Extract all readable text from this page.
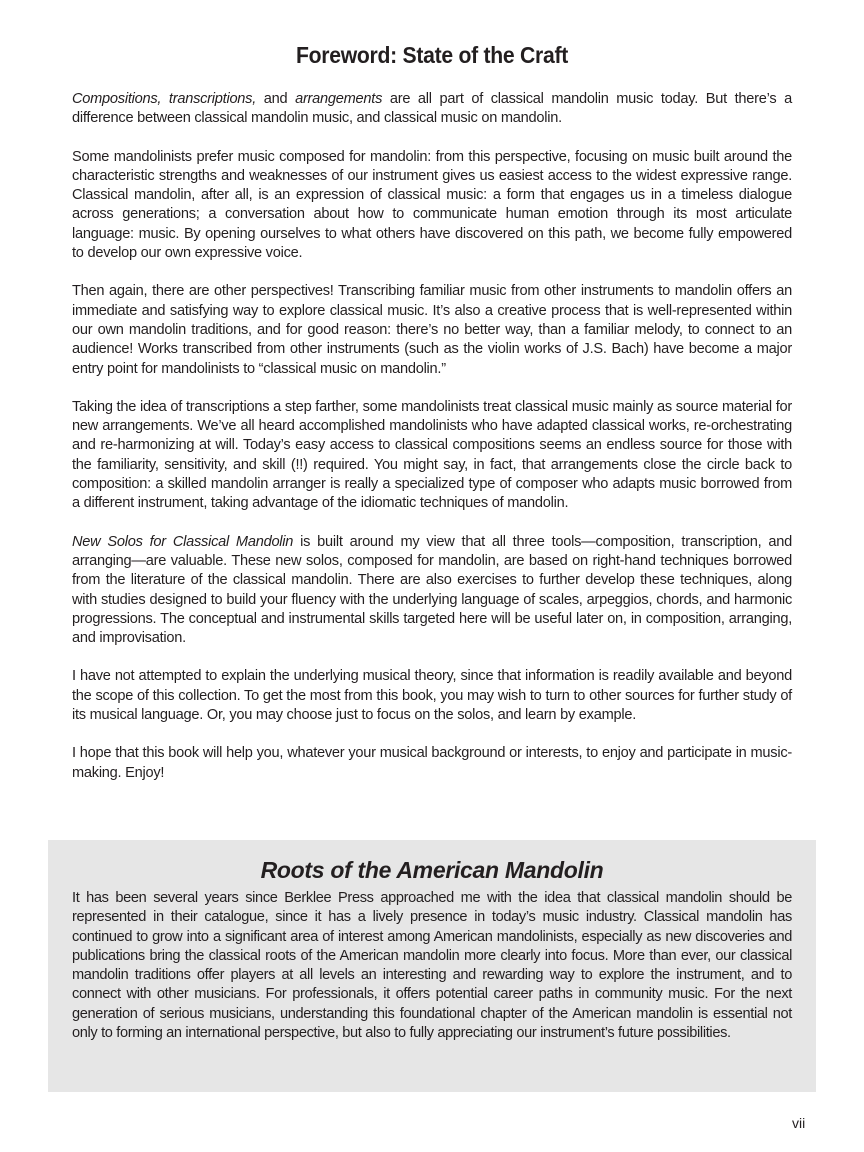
Foreword: State of the Craft

Compositions, transcriptions, and arrangements are all part of classical mandolin music today. But there’s a difference between classical mandolin music, and classical music on mandolin.

Some mandolinists prefer music composed for mandolin: from this perspective, focusing on music built around the characteristic strengths and weaknesses of our instrument gives us easiest access to the widest expressive range. Classical mandolin, after all, is an expression of classical music: a form that engages us in a timeless dialogue across generations; a conversation about how to communicate human emotion through its most articulate language: music. By opening ourselves to what others have discovered on this path, we become fully empowered to develop our own expressive voice.

Then again, there are other perspectives! Transcribing familiar music from other instruments to mandolin offers an immediate and satisfying way to explore classical music. It’s also a creative process that is well-represented within our own mandolin traditions, and for good reason: there’s no better way, than a familiar melody, to connect to an audience! Works transcribed from other instruments (such as the violin works of J.S. Bach) have become a major entry point for mandolinists to “classical music on mandolin.”

Taking the idea of transcriptions a step farther, some mandolinists treat classical music mainly as source material for new arrangements. We’ve all heard accomplished mandolinists who have adapted classical works, re-orchestrating and re-harmonizing at will. Today’s easy access to classical compositions seems an endless source for those with the familiarity, sensitivity, and skill (!!) required. You might say, in fact, that arrangements close the circle back to composition: a skilled mandolin arranger is really a specialized type of composer who adapts music borrowed from a different instrument, taking advantage of the idiomatic techniques of mandolin.

New Solos for Classical Mandolin is built around my view that all three tools—composition, transcription, and arranging—are valuable. These new solos, composed for mandolin, are based on right-hand techniques borrowed from the literature of the classical mandolin. There are also exercises to further develop these techniques, along with studies designed to build your fluency with the underlying language of scales, arpeggios, chords, and harmonic progressions. The conceptual and instrumental skills targeted here will be useful later on, in composition, arranging, and improvisation.

I have not attempted to explain the underlying musical theory, since that information is readily available and beyond the scope of this collection. To get the most from this book, you may wish to turn to other sources for further study of its musical language. Or, you may choose just to focus on the solos, and learn by example.

I hope that this book will help you, whatever your musical background or interests, to enjoy and participate in music-making. Enjoy!

Roots of the American Mandolin

It has been several years since Berklee Press approached me with the idea that classical mandolin should be represented in their catalogue, since it has a lively presence in today’s music industry. Classical mandolin has continued to grow into a significant area of interest among American mandolinists, especially as new discoveries and publications bring the classical roots of the American mandolin more clearly into focus. More than ever, our classical mandolin traditions offer players at all levels an interesting and rewarding way to explore the instrument, and to connect with other musicians. For professionals, it offers potential career paths in community music. For the next generation of serious musicians, understanding this foundational chapter of the American mandolin is essential not only to forming an international perspective, but also to fully appreciating our instrument’s future possibilities.

vii
